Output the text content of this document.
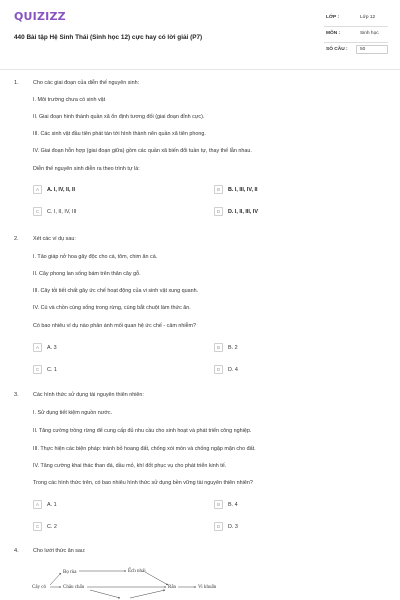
QUIZIZZ
440 Bài tập Hệ Sinh Thái (Sinh học 12) cực hay có lời giải (P7)
LỚP :	Lớp 12
MÔN :	Sinh học
SỐ CÂU :	50
1.	Cho các giai đoạn của diễn thế nguyên sinh:
I. Môi trường chưa có sinh vật
II. Giai đoạn hình thành quần xã ổn định tương đối (giai đoạn đỉnh cực).
III. Các sinh vật đầu tiên phát tán tới hình thành nên quần xã tiên phong.
IV. Giai đoạn hỗn hợp (giai đoạn giữa) gồm các quần xã biến đổi tuần tự, thay thế lẫn nhau.
Diễn thế nguyên sinh diễn ra theo trình tự là:
A	A. I, IV, II, II	B	B. I, III, IV, II
C	C. I, II, IV, III	D	D. I, II, III, IV
2.	Xét các ví dụ sau:
I. Tảo giáp nở hoa gây độc cho cá, tôm, chim ăn cá.
II. Cây phong lan sống bám trên thân cây gỗ.
III. Cây tỏi tiết chất gây ức chế hoạt động của vi sinh vật xung quanh.
IV. Cú và chồn cùng sống trong rừng, cùng bắt chuột làm thức ăn.
Có bao nhiêu ví dụ nào phản ánh mối quan hệ ức chế - cảm nhiễm?
A	A. 3	B	B. 2
C	C. 1	D	D. 4
3.	Các hình thức sử dụng tài nguyên thiên nhiên:
I. Sử dụng tiết kiệm nguồn nước.
II. Tăng cường trồng rừng để cung cấp đủ nhu cầu cho sinh hoạt và phát triển công nghiệp.
III. Thực hiện các biện pháp: tránh bỏ hoang đất, chống xói mòn và chống ngập mặn cho đất.
IV. Tăng cường khai thác than đá, dầu mỏ, khí đốt phục vụ cho phát triển kinh tế.
Trong các hình thức trên, có bao nhiêu hình thức sử dụng bền vững tài nguyên thiên nhiên?
A	A. 1	B	B. 4
C	C. 2	D	D. 3
4.	Cho lưới thức ăn sau:
Cây cỏ
Bọ rùa	Ếch nhái
Châu chấu	Rắn	Vi khuẩn
